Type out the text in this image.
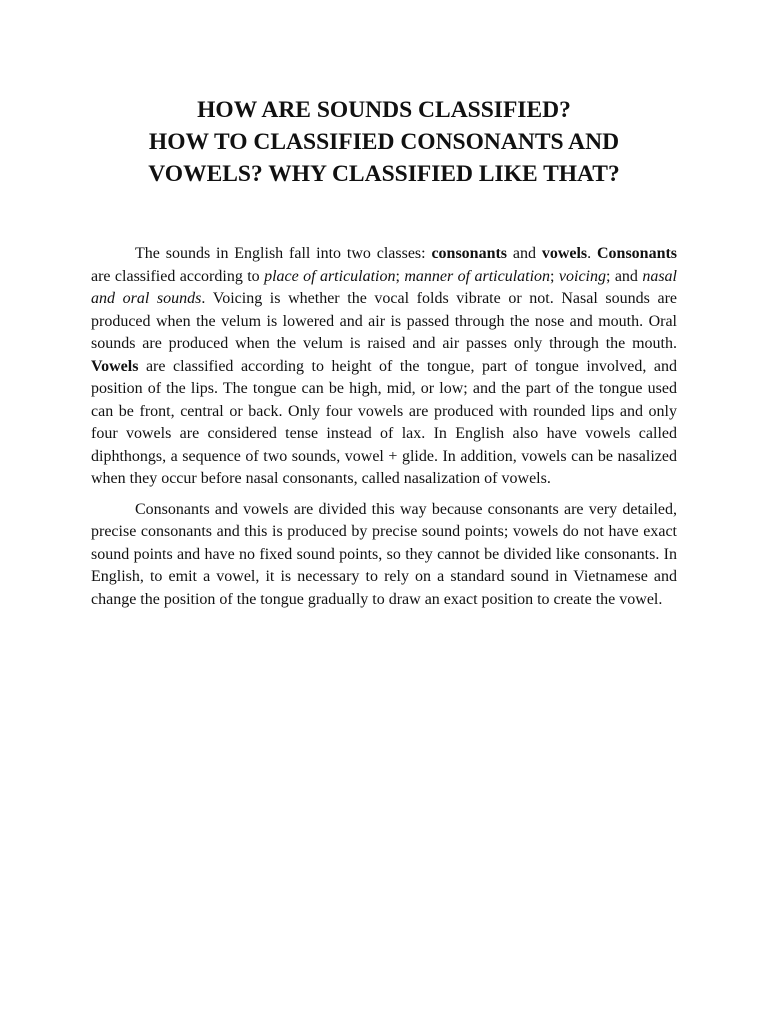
HOW ARE SOUNDS CLASSIFIED?
HOW TO CLASSIFIED CONSONANTS AND
VOWELS? WHY CLASSIFIED LIKE THAT?

The sounds in English fall into two classes: consonants and vowels. Consonants are classified according to place of articulation; manner of articulation; voicing; and nasal and oral sounds. Voicing is whether the vocal folds vibrate or not. Nasal sounds are produced when the velum is lowered and air is passed through the nose and mouth. Oral sounds are produced when the velum is raised and air passes only through the mouth. Vowels are classified according to height of the tongue, part of tongue involved, and position of the lips. The tongue can be high, mid, or low; and the part of the tongue used can be front, central or back. Only four vowels are produced with rounded lips and only four vowels are considered tense instead of lax. In English also have vowels called diphthongs, a sequence of two sounds, vowel + glide. In addition, vowels can be nasalized when they occur before nasal consonants, called nasalization of vowels.

Consonants and vowels are divided this way because consonants are very detailed, precise consonants and this is produced by precise sound points; vowels do not have exact sound points and have no fixed sound points, so they cannot be divided like consonants. In English, to emit a vowel, it is necessary to rely on a standard sound in Vietnamese and change the position of the tongue gradually to draw an exact position to create the vowel.
